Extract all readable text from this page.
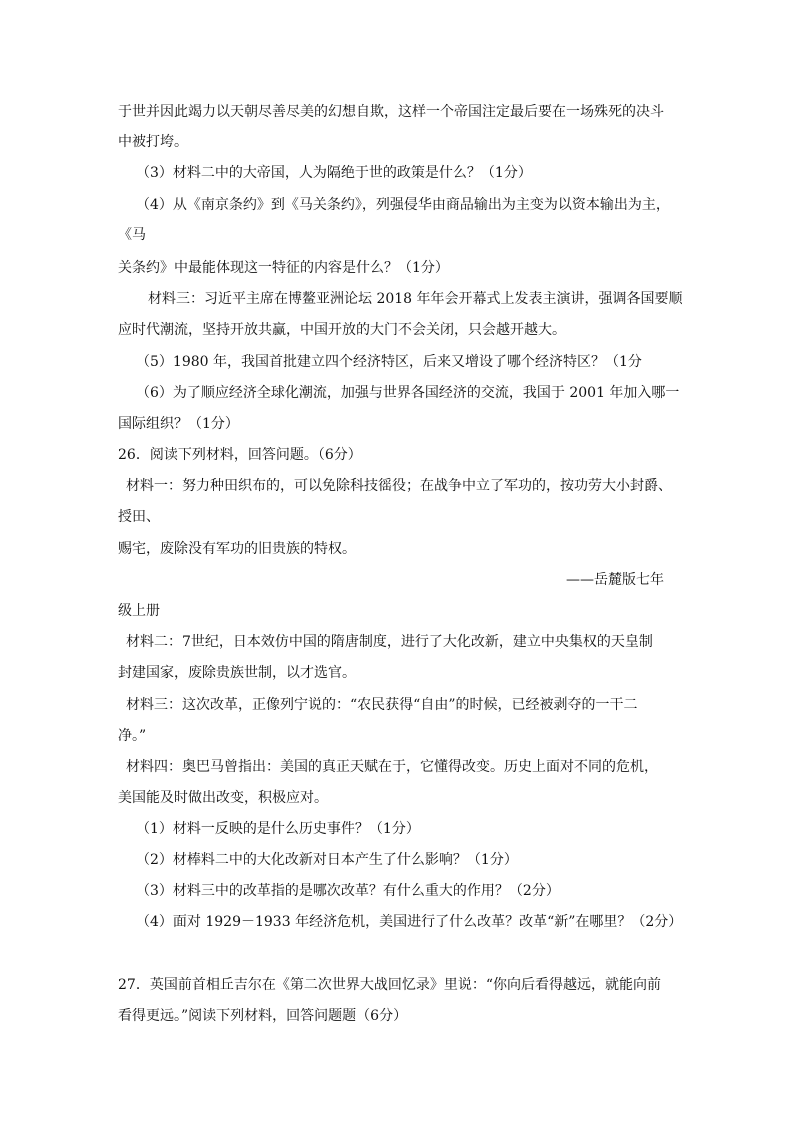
于世并因此竭力以天朝尽善尽美的幻想自欺，这样一个帝国注定最后要在一场殊死的决斗
中被打垮。
（3）材料二中的大帝国，人为隔绝于世的政策是什么？（1分）
（4）从《南京条约》到《马关条约》，列强侵华由商品输出为主变为以资本输出为主，
《马
关条约》中最能体现这一特征的内容是什么？（1分）
材料三：习近平主席在博鳌亚洲论坛 2018 年年会开幕式上发表主演讲，强调各国要顺
应时代潮流，坚持开放共赢，中国开放的大门不会关闭，只会越开越大。
（5）1980 年，我国首批建立四个经济特区，后来又增设了哪个经济特区？（1分
（6）为了顺应经济全球化潮流，加强与世界各国经济的交流，我国于 2001 年加入哪一
国际组织？（1分）
26．阅读下列材料，回答问题。（6分）
材料一：努力种田织布的，可以免除科技徭役；在战争中立了军功的，按功劳大小封爵、
授田、
赐宅，废除没有军功的旧贵族的特权。
——岳麓版七年
级上册
材料二：7世纪，日本效仿中国的隋唐制度，进行了大化改新，建立中央集权的天皇制
封建国家，废除贵族世制，以才选官。
材料三：这次改革，正像列宁说的：“农民获得“自由”的时候，已经被剥夺的一干二
净。”
材料四：奥巴马曾指出：美国的真正天赋在于，它懂得改变。历史上面对不同的危机，
美国能及时做出改变，积极应对。
（1）材料一反映的是什么历史事件？（1分）
（2）材棒料二中的大化改新对日本产生了什么影响？（1分）
（3）材料三中的改革指的是哪次改革？有什么重大的作用？（2分）
（4）面对 1929－1933 年经济危机，美国进行了什么改革？改革“新”在哪里？（2分）
27．英国前首相丘吉尔在《第二次世界大战回忆录》里说：“你向后看得越远，就能向前
看得更远。”阅读下列材料，回答问题题（6分）
